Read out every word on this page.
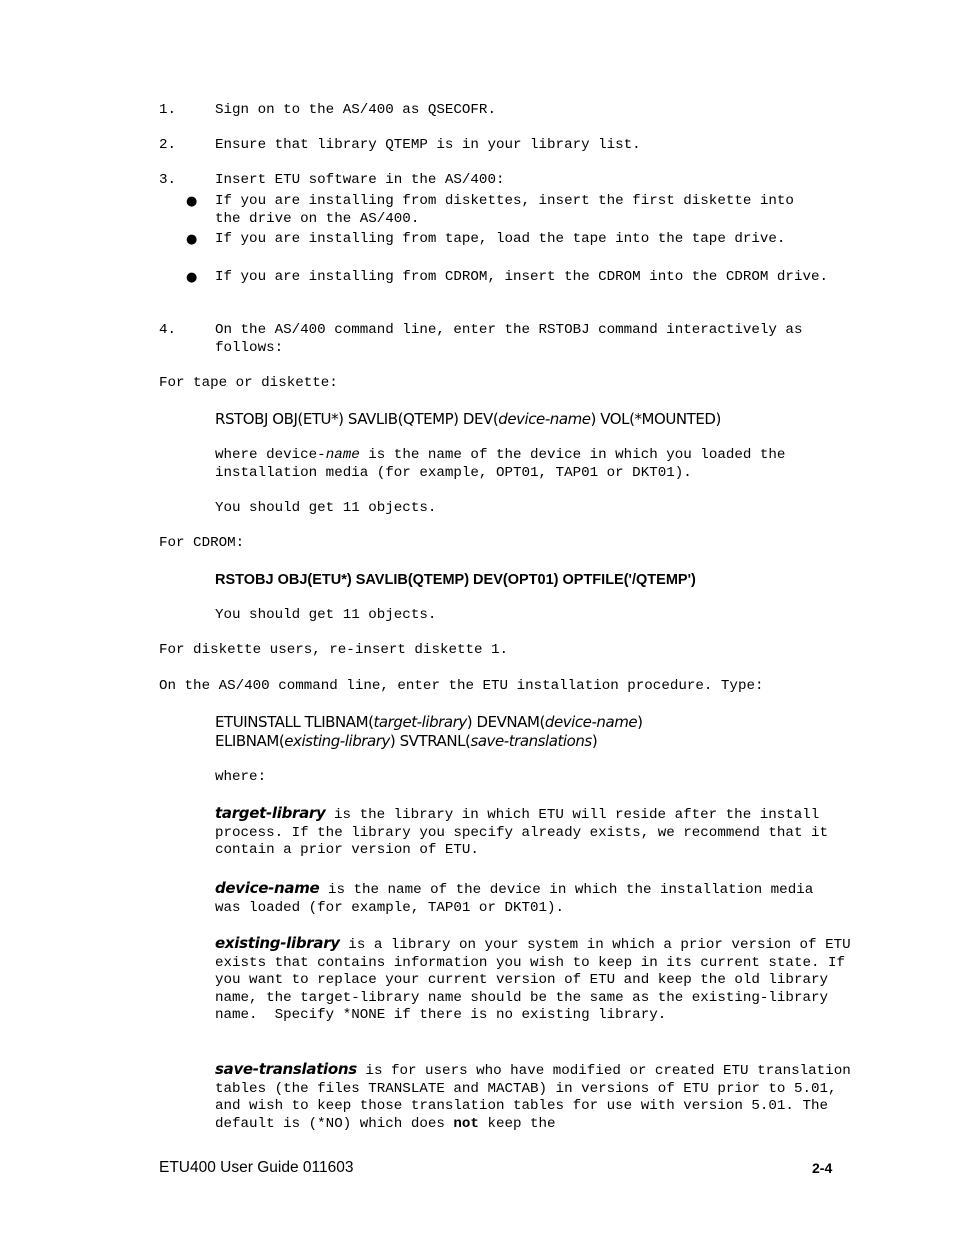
1.	Sign on to the AS/400 as QSECOFR.
2.	Ensure that library QTEMP is in your library list.
3.	Insert ETU software in the AS/400:
● If you are installing from diskettes, insert the first diskette into the drive on the AS/400.
● If you are installing from tape, load the tape into the tape drive.
● If you are installing from CDROM, insert the CDROM into the CDROM drive.
4.	On the AS/400 command line, enter the RSTOBJ command interactively as follows:
For tape or diskette:
RSTOBJ OBJ(ETU*) SAVLIB(QTEMP) DEV(device-name) VOL(*MOUNTED)
where device-name is the name of the device in which you loaded the installation media (for example, OPT01, TAP01 or DKT01).
You should get 11 objects.
For CDROM:
RSTOBJ OBJ(ETU*) SAVLIB(QTEMP) DEV(OPT01) OPTFILE('/QTEMP')
You should get 11 objects.
For diskette users, re-insert diskette 1.
On the AS/400 command line, enter the ETU installation procedure. Type:
ETUINSTALL TLIBNAM(target-library) DEVNAM(device-name)
ELIBNAM(existing-library) SVTRANL(save-translations)
where:
target-library is the library in which ETU will reside after the install process. If the library you specify already exists, we recommend that it contain a prior version of ETU.
device-name is the name of the device in which the installation media was loaded (for example, TAP01 or DKT01).
existing-library is a library on your system in which a prior version of ETU exists that contains information you wish to keep in its current state. If you want to replace your current version of ETU and keep the old library name, the target-library name should be the same as the existing-library name.  Specify *NONE if there is no existing library.
save-translations is for users who have modified or created ETU translation tables (the files TRANSLATE and MACTAB) in versions of ETU prior to 5.01, and wish to keep those translation tables for use with version 5.01. The default is (*NO) which does not keep the
ETU400 User Guide 011603	2-4
